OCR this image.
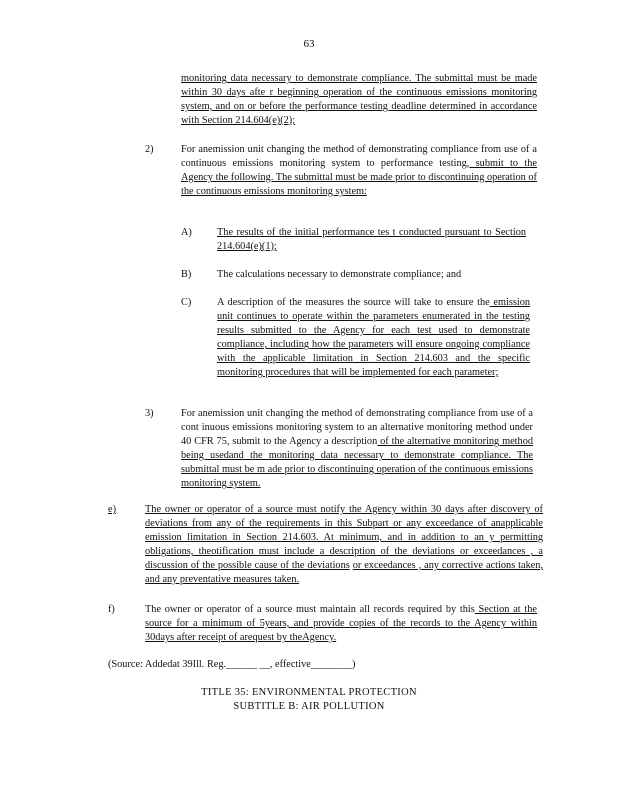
63
monitoring data necessary to demonstrate compliance. The submittal must be made within 30 days afte r beginning operation of the continuous emissions monitoring system, and on or before the performance testing deadline determined in accordance with Section 214.604(e)(2);
2)	For anemission unit changing the method of demonstrating compliance from use of a continuous emissions monitoring system to performance testing, submit to the Agency the following. The submittal must be made prior to discontinuing operation of the continuous emissions monitoring system:
A) The results of the initial performance tes t conducted pursuant to Section 214.604(e)(1);
B) The calculations necessary to demonstrate compliance; and
C) A description of the measures the source will take to ensure the emission unit continues to operate within the parameters enumerated in the testing results submitted to the Agency for each test used to demonstrate compliance, including how the parameters will ensure ongoing compliance with the applicable limitation in Section 214.603 and the specific monitoring procedures that will be implemented for each parameter;
3)	For anemission unit changing the method of demonstrating compliance from use of a cont inuous emissions monitoring system to an alternative monitoring method under 40 CFR 75, submit to the Agency a description of the alternative monitoring method being usedand the monitoring data necessary to demonstrate compliance. The submittal must be m ade prior to discontinuing operation of the continuous emissions monitoring system.
e)	The owner or operator of a source must notify the Agency within 30 days after discovery of deviations from any of the requirements in this Subpart or any exceedance of anapplicable emission limitation in Section 214.603. At minimum, and in addition to an y permitting obligations, theotification must include a description of the deviations or exceedances , a discussion of the possible cause of the deviations or exceedances , any corrective actions taken, and any preventative measures taken.
f)	The owner or operator of a source must maintain all records required by this Section at the source for a minimum of 5years, and provide copies of the records to the Agency within 30days after receipt of arequest by theAgency.
(Source: Addedat 39Ill. Reg.______ __, effective________)
TITLE 35: ENVIRONMENTAL PROTECTION
SUBTITLE B: AIR POLLUTION
